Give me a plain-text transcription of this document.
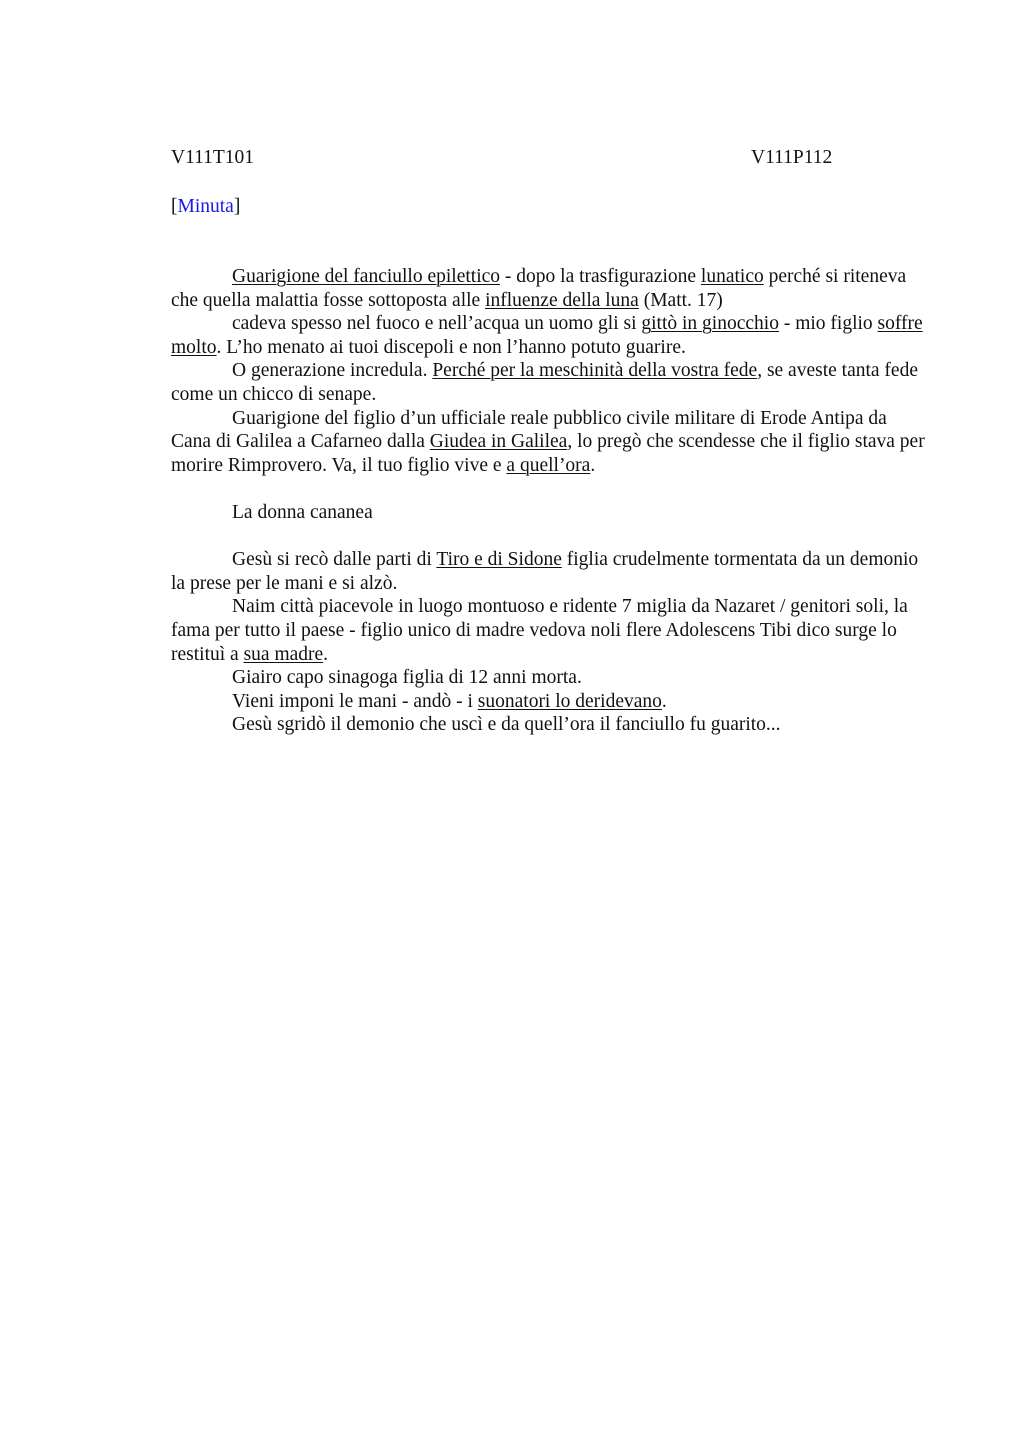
V111T101	V111P112
[Minuta]

Guarigione del fanciullo epilettico - dopo la trasfigurazione lunatico perché si riteneva che quella malattia fosse sottoposta alle influenze della luna (Matt. 17)

cadeva spesso nel fuoco e nell’acqua un uomo gli si gittò in ginocchio - mio figlio soffre molto. L’ho menato ai tuoi discepoli e non l’hanno potuto guarire.

O generazione incredula. Perché per la meschinità della vostra fede, se aveste tanta fede come un chicco di senape.

Guarigione del figlio d’un ufficiale reale pubblico civile militare di Erode Antipa da Cana di Galilea a Cafarneo dalla Giudea in Galilea, lo pregò che scendesse che il figlio stava per morire Rimprovero. Va, il tuo figlio vive e a quell’ora.

La donna cananea

Gesù si recò dalle parti di Tiro e di Sidone figlia crudelmente tormentata da un demonio la prese per le mani e si alzò.

Naim città piacevole in luogo montuoso e ridente 7 miglia da Nazaret / genitori soli, la fama per tutto il paese - figlio unico di madre vedova noli flere Adolescens Tibi dico surge lo restituì a sua madre.

Giairo capo sinagoga figlia di 12 anni morta.

Vieni imponi le mani - andò - i suonatori lo deridevano.

Gesù sgridò il demonio che uscì e da quell’ora il fanciullo fu guarito...
